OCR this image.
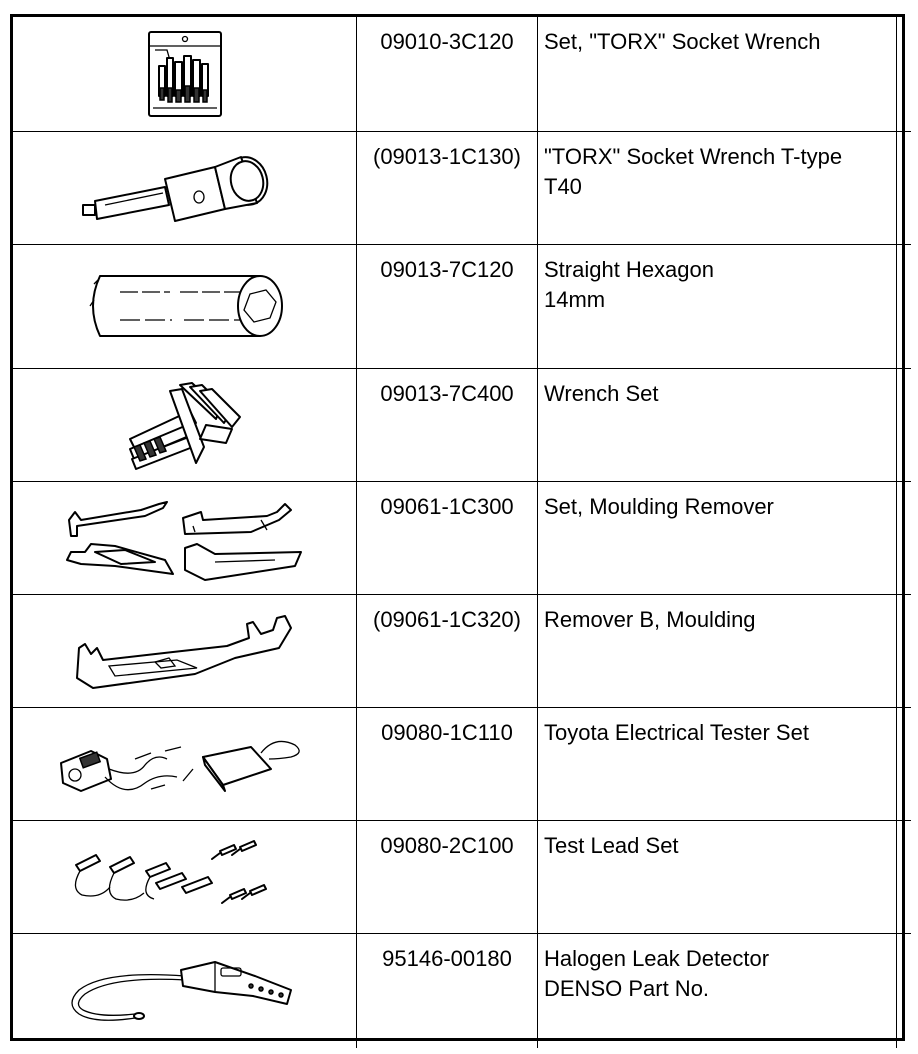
	09010-3C120	Set, "TORX" Socket Wrench	

	(09013-1C130)	"TORX" Socket Wrench T-type
T40	

	09013-7C120	Straight Hexagon
14mm	

	09013-7C400	Wrench Set	

	09061-1C300	Set, Moulding Remover	

	(09061-1C320)	Remover B, Moulding	

	09080-1C110	Toyota Electrical Tester Set	

	09080-2C100	Test Lead Set	

	95146-00180	Halogen Leak Detector
DENSO Part No.	
